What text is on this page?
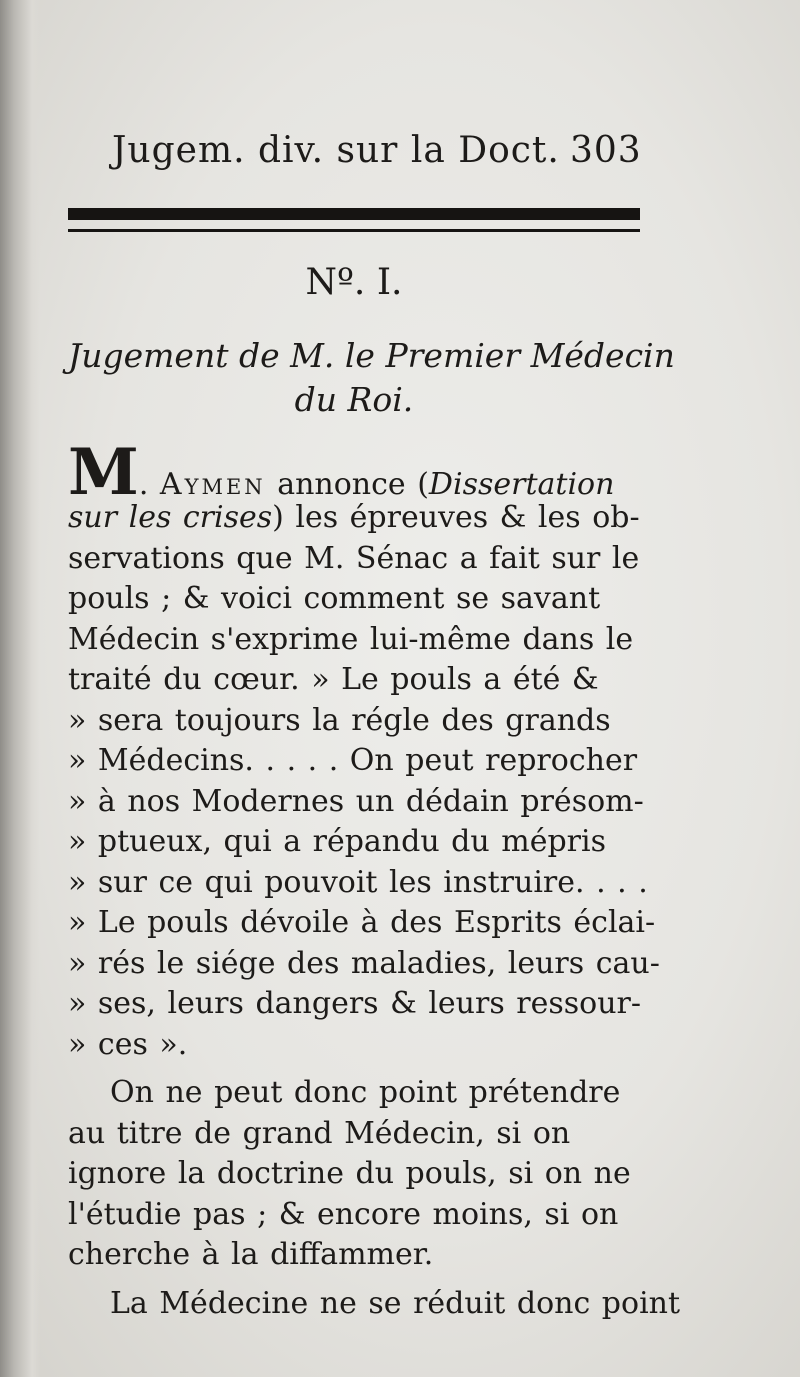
Jugem. div. sur la Doct. 303
Nº. I.
Jugement de M. le Premier Médecin
du Roi.
M. Aymen annonce (Dissertation
sur les crises) les épreuves & les ob-
servations que M. Sénac a fait sur le
pouls ; & voici comment se savant
Médecin s'exprime lui-même dans le
traité du cœur. » Le pouls a été &
» sera toujours la régle des grands
» Médecins. . . . . On peut reprocher
» à nos Modernes un dédain présom-
» ptueux, qui a répandu du mépris
» sur ce qui pouvoit les instruire. . . .
» Le pouls dévoile à des Esprits éclai-
» rés le siége des maladies, leurs cau-
» ses, leurs dangers & leurs ressour-
» ces ».
On ne peut donc point prétendre
au titre de grand Médecin, si on
ignore la doctrine du pouls, si on ne
l'étudie pas ; & encore moins, si on
cherche à la diffammer.
La Médecine ne se réduit donc point
